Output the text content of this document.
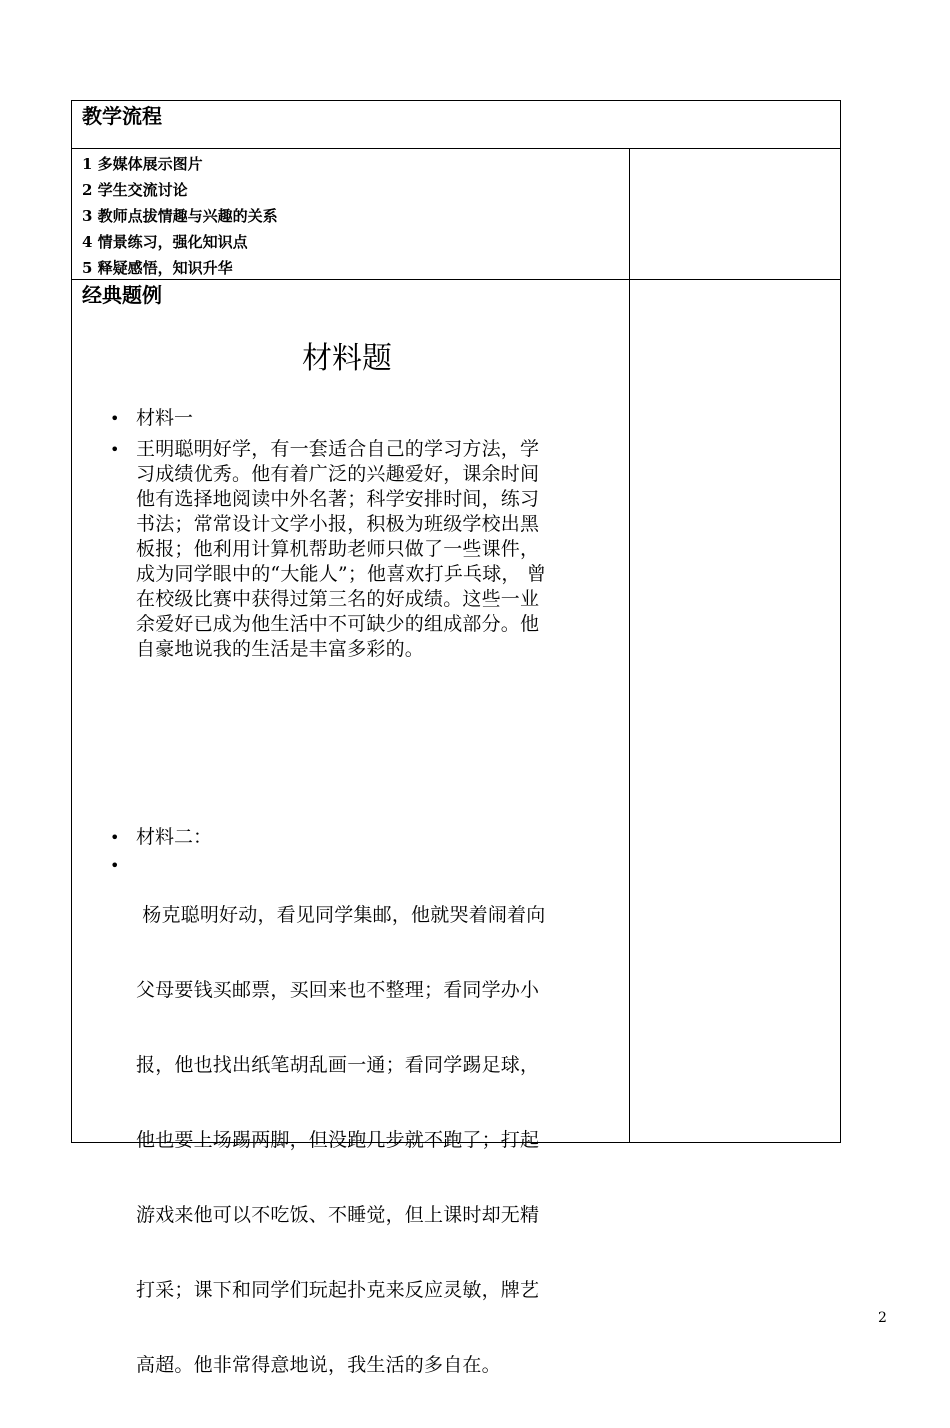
教学流程
1 多媒体展示图片
2 学生交流讨论
3 教师点拔情趣与兴趣的关系
4 情景练习，强化知识点
5 释疑感悟，知识升华
经典题例
材料题
• 材料一
• 王明聪明好学，有一套适合自己的学习方法，学
习成绩优秀。他有着广泛的兴趣爱好，课余时间
他有选择地阅读中外名著；科学安排时间，练习
书法；常常设计文学小报，积极为班级学校出黑
板报；他利用计算机帮助老师只做了一些课件，
成为同学眼中的“大能人”；他喜欢打乒乓球， 曾
在校级比赛中获得过第三名的好成绩。这些一业
余爱好已成为他生活中不可缺少的组成部分。他
自豪地说我的生活是丰富多彩的。
• 材料二：
•

杨克聪明好动，看见同学集邮，他就哭着闹着向

父母要钱买邮票，买回来也不整理；看同学办小

报，他也找出纸笔胡乱画一通；看同学踢足球，

他也要上场踢两脚，但没跑几步就不跑了；打起

游戏来他可以不吃饭、不睡觉，但上课时却无精

打采；课下和同学们玩起扑克来反应灵敏，牌艺

高超。他非常得意地说，我生活的多自在。

2
